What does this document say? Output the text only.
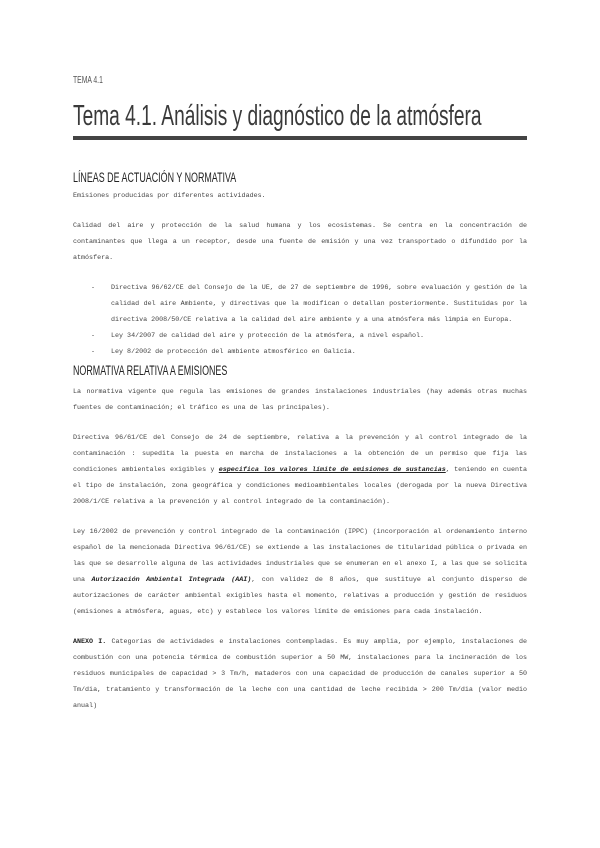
TEMA 4.1
Tema 4.1. Análisis y diagnóstico de la atmósfera
LÍNEAS DE ACTUACIÓN Y NORMATIVA

Emisiones producidas por diferentes actividades.

Calidad del aire y protección de la salud humana y los ecosistemas. Se centra en la concentración de contaminantes que llega a un receptor, desde una fuente de emisión y una vez transportado o difundido por la atmósfera.

- Directiva 96/62/CE del Consejo de la UE, de 27 de septiembre de 1996, sobre evaluación y gestión de la calidad del aire Ambiente, y directivas que la modifican o detallan posteriormente. Sustituidas por la directiva 2008/50/CE relativa a la calidad del aire ambiente y a una atmósfera más limpia en Europa.
- Ley 34/2007 de calidad del aire y protección de la atmósfera, a nivel español.
- Ley 8/2002 de protección del ambiente atmosférico en Galicia.
NORMATIVA RELATIVA A EMISIONES

La normativa vigente que regula las emisiones de grandes instalaciones industriales (hay además otras muchas fuentes de contaminación; el tráfico es una de las principales).

Directiva 96/61/CE del Consejo de 24 de septiembre, relativa a la prevención y al control integrado de la contaminación : supedita la puesta en marcha de instalaciones a la obtención de un permiso que fija las condiciones ambientales exigibles y especifica los valores límite de emisiones de sustancias, teniendo en cuenta el tipo de instalación, zona geográfica y condiciones medioambientales locales (derogada por la nueva Directiva 2008/1/CE relativa a la prevención y al control integrado de la contaminación).

Ley 16/2002 de prevención y control integrado de la contaminación (IPPC) (incorporación al ordenamiento interno español de la mencionada Directiva 96/61/CE) se extiende a las instalaciones de titularidad pública o privada en las que se desarrolle alguna de las actividades industriales que se enumeran en el anexo I, a las que se solicita una Autorización Ambiental Integrada (AAI), con validez de 8 años, que sustituye al conjunto disperso de autorizaciones de carácter ambiental exigibles hasta el momento, relativas a producción y gestión de residuos (emisiones a atmósfera, aguas, etc) y establece los valores límite de emisiones para cada instalación.

ANEXO I. Categorias de actividades e instalaciones contempladas. Es muy amplia, por ejemplo, instalaciones de combustión con una potencia térmica de combustión superior a 50 MW, instalaciones para la incineración de los residuos municipales de capacidad > 3 Tm/h, mataderos con una capacidad de producción de canales superior a 50 Tm/dia, tratamiento y transformación de la leche con una cantidad de leche recibida > 200 Tm/dia (valor medio anual)
